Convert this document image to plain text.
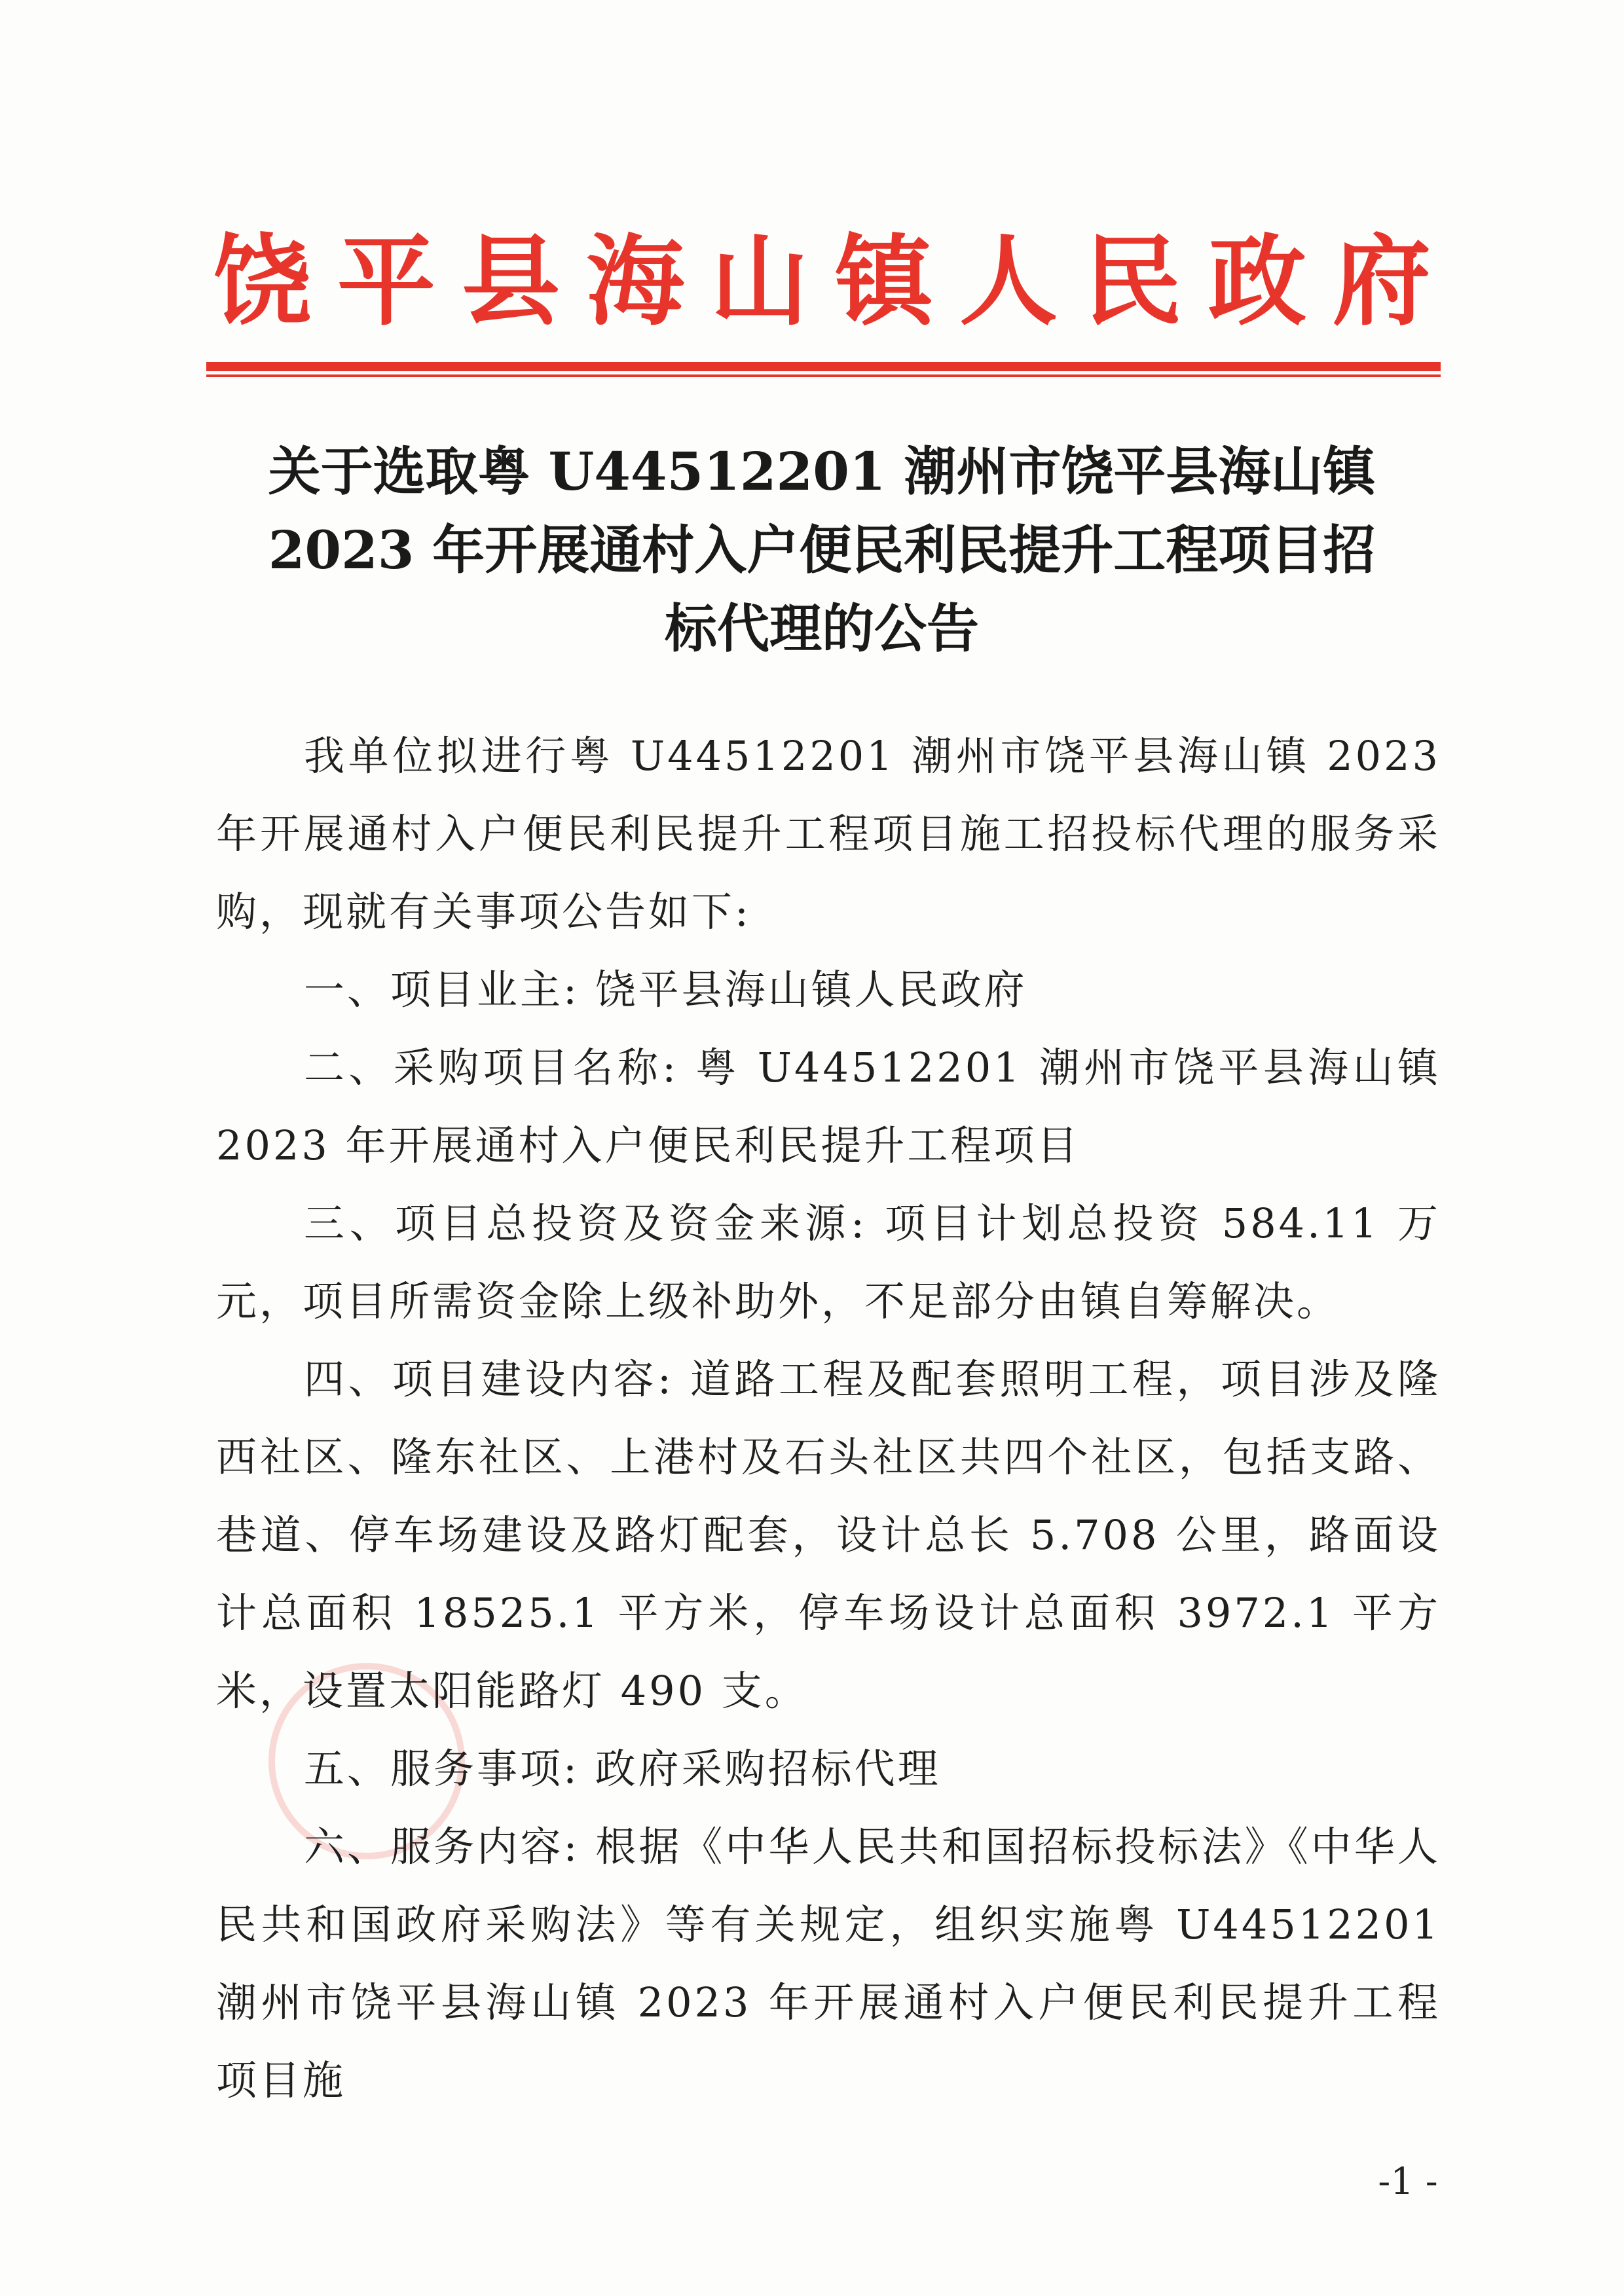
饶 平 县 海 山 镇 人 民 政 府
关于选取粤 U44512201 潮州市饶平县海山镇
2023 年开展通村入户便民利民提升工程项目招
标代理的公告

我单位拟进行粤 U44512201 潮州市饶平县海山镇 2023 年开展通村入户便民利民提升工程项目施工招投标代理的服务采购，现就有关事项公告如下:

一、项目业主: 饶平县海山镇人民政府

二、采购项目名称: 粤 U44512201 潮州市饶平县海山镇 2023 年开展通村入户便民利民提升工程项目

三、项目总投资及资金来源: 项目计划总投资 584.11 万元，项目所需资金除上级补助外，不足部分由镇自筹解决。

四、项目建设内容: 道路工程及配套照明工程，项目涉及隆西社区、隆东社区、上港村及石头社区共四个社区，包括支路、巷道、停车场建设及路灯配套，设计总长 5.708 公里，路面设计总面积 18525.1 平方米，停车场设计总面积 3972.1 平方米，设置太阳能路灯 490 支。

五、服务事项: 政府采购招标代理

六、服务内容: 根据《中华人民共和国招标投标法》《中华人民共和国政府采购法》等有关规定，组织实施粤 U44512201 潮州市饶平县海山镇 2023 年开展通村入户便民利民提升工程项目施

-1 -
